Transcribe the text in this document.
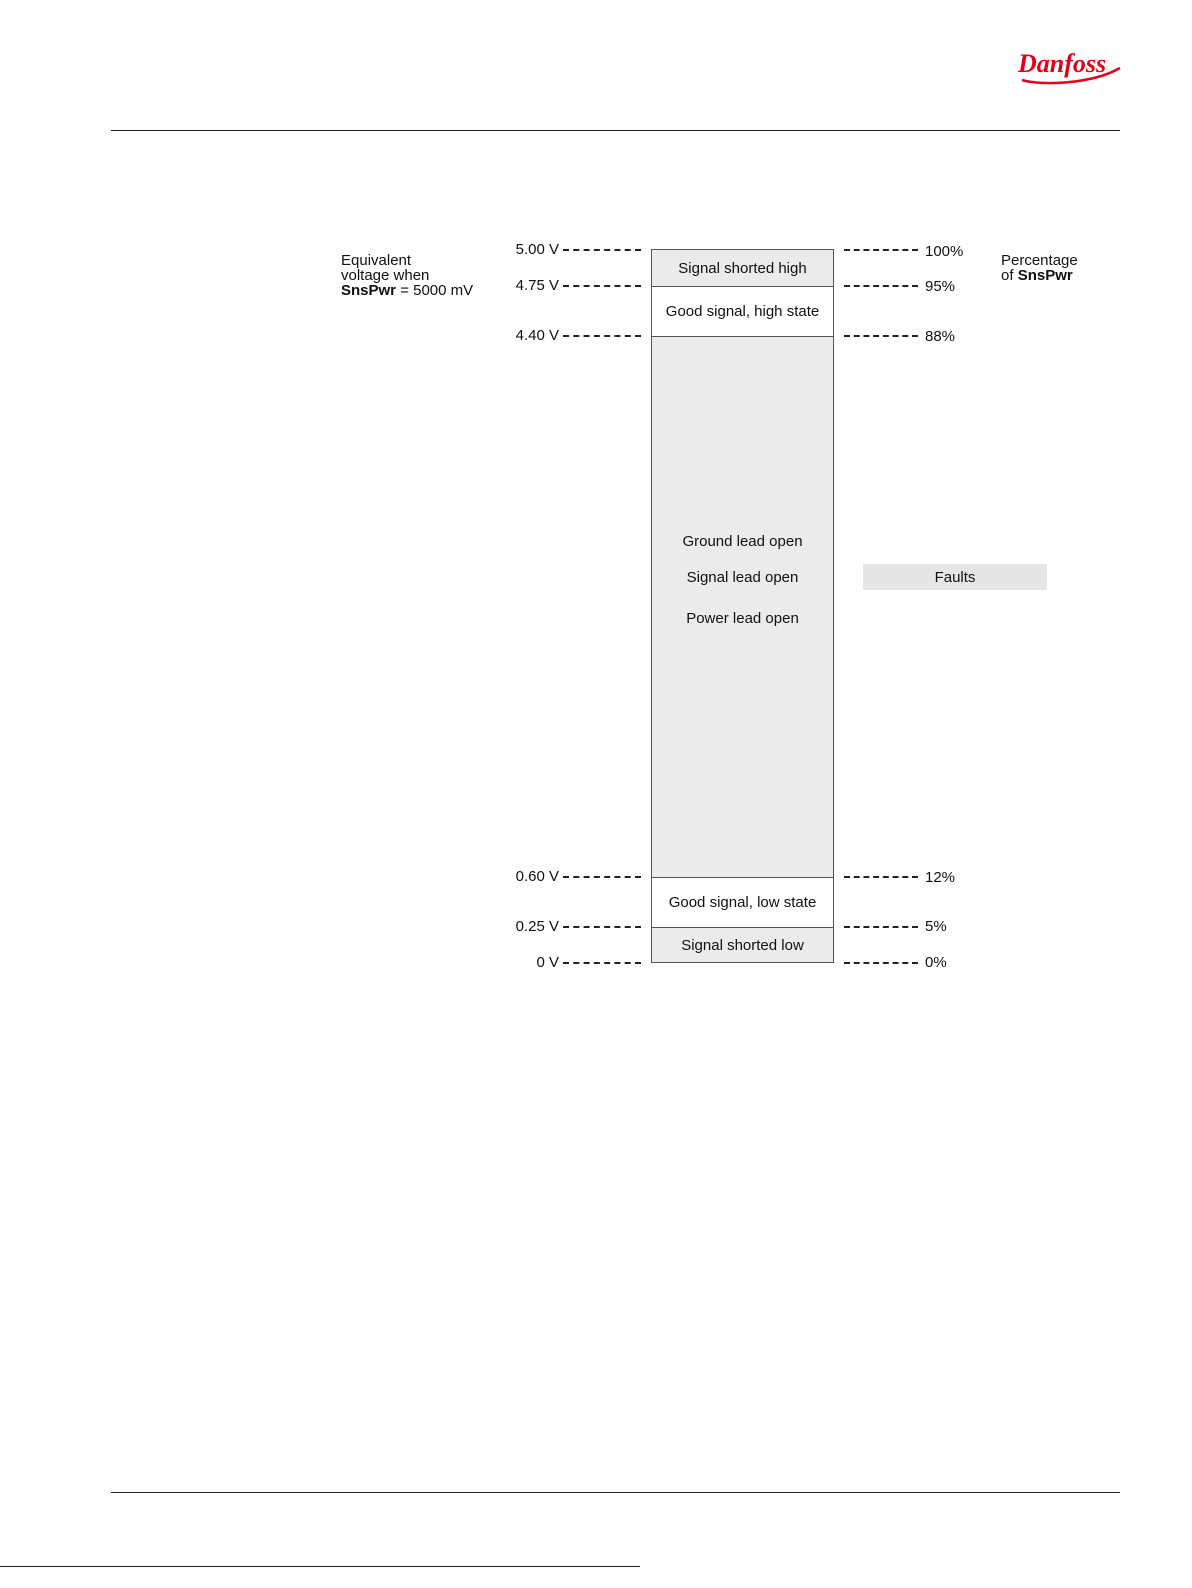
Danfoss
Equivalent
voltage when
SnsPwr = 5000 mV
Percentage
of SnsPwr
5.00 V
4.75 V
4.40 V
0.60 V
0.25 V
0 V
100%
95%
88%
12%
5%
0%
Signal shorted high
Good signal, high state
Good signal, low state
Signal shorted low
Ground lead open
Signal lead open
Power lead open
Faults
